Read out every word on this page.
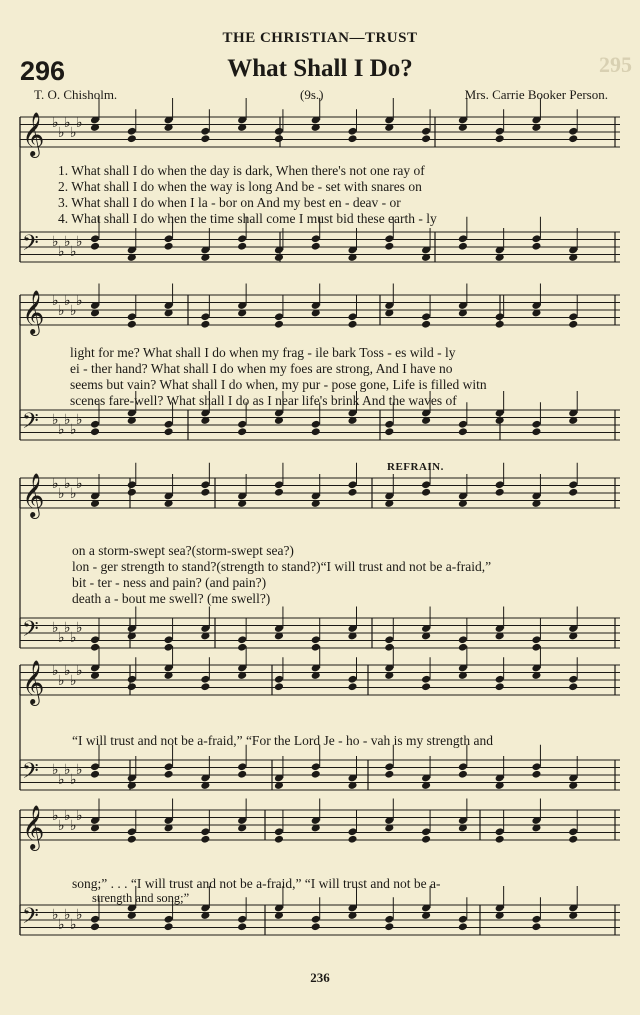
𝄞 ♭
♭
♭
♭
♭
𝄢 ♭
♭
♭
♭
♭
𝄞 ♭
♭
♭
♭
♭
𝄢 ♭
♭
♭
♭
♭
𝄞 ♭
♭
♭
♭
♭
𝄢 ♭
♭
♭
♭
♭
𝄞 ♭
♭
♭
♭
♭
𝄢 ♭
♭
♭
♭
♭
𝄞 ♭
♭
♭
♭
♭
𝄢 ♭
♭
♭
♭
♭
295
THE CHRISTIAN—TRUST
296	What Shall I Do?
T. O. Chisholm.	(9s.)	Mrs. Carrie Booker Person.
1. What shall I do when the day is dark, When there's not one ray of
2. What shall I do when the way is long And be - set with snares on
3. What shall I do when I la - bor on And my best en - deav - or
4. What shall I do when the time shall come I must bid these earth - ly
light for me? What shall I do when my frag - ile bark Toss - es wild - ly
ei - ther hand? What shall I do when my foes are strong, And I have no
seems but vain? What shall I do when, my pur - pose gone, Life is filled witn
scenes fare-well? What shall I do as I near life's brink And the waves of
REFRAIN.
on a storm-swept sea?(storm-swept sea?)
lon - ger strength to stand?(strength to stand?)“I will trust and not be a-fraid,”
bit - ter - ness and pain? (and pain?)
death a - bout me swell? (me swell?)
“I will trust and not be a-fraid,” “For the Lord Je - ho - vah is my strength and
song;” . . . “I will trust and not be a-fraid,” “I will trust and not be a-
strength and song;”
236
